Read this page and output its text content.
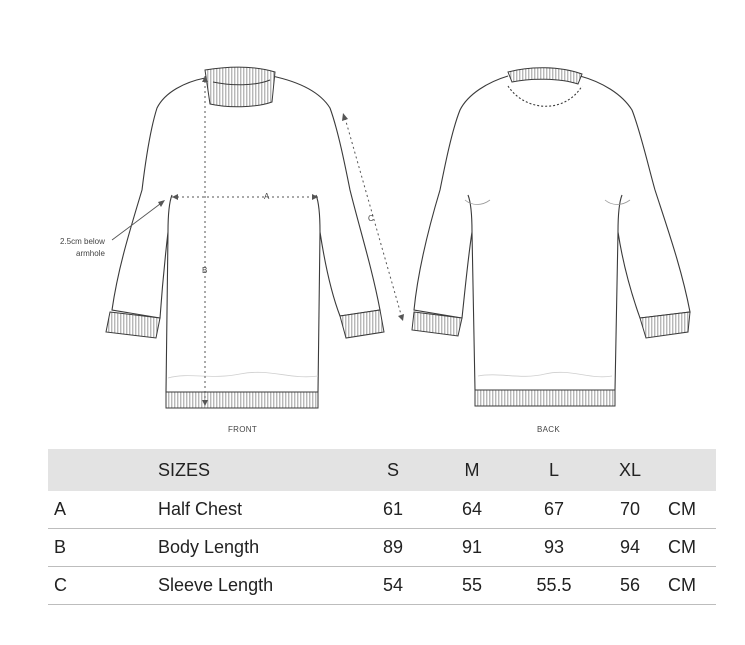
A
B
C
2.5cm below
armhole
FRONT	BACK
	SIZES	S	M	L	XL	
A	Half Chest	61	64	67	70	CM
B	Body Length	89	91	93	94	CM
C	Sleeve Length	54	55	55.5	56	CM
